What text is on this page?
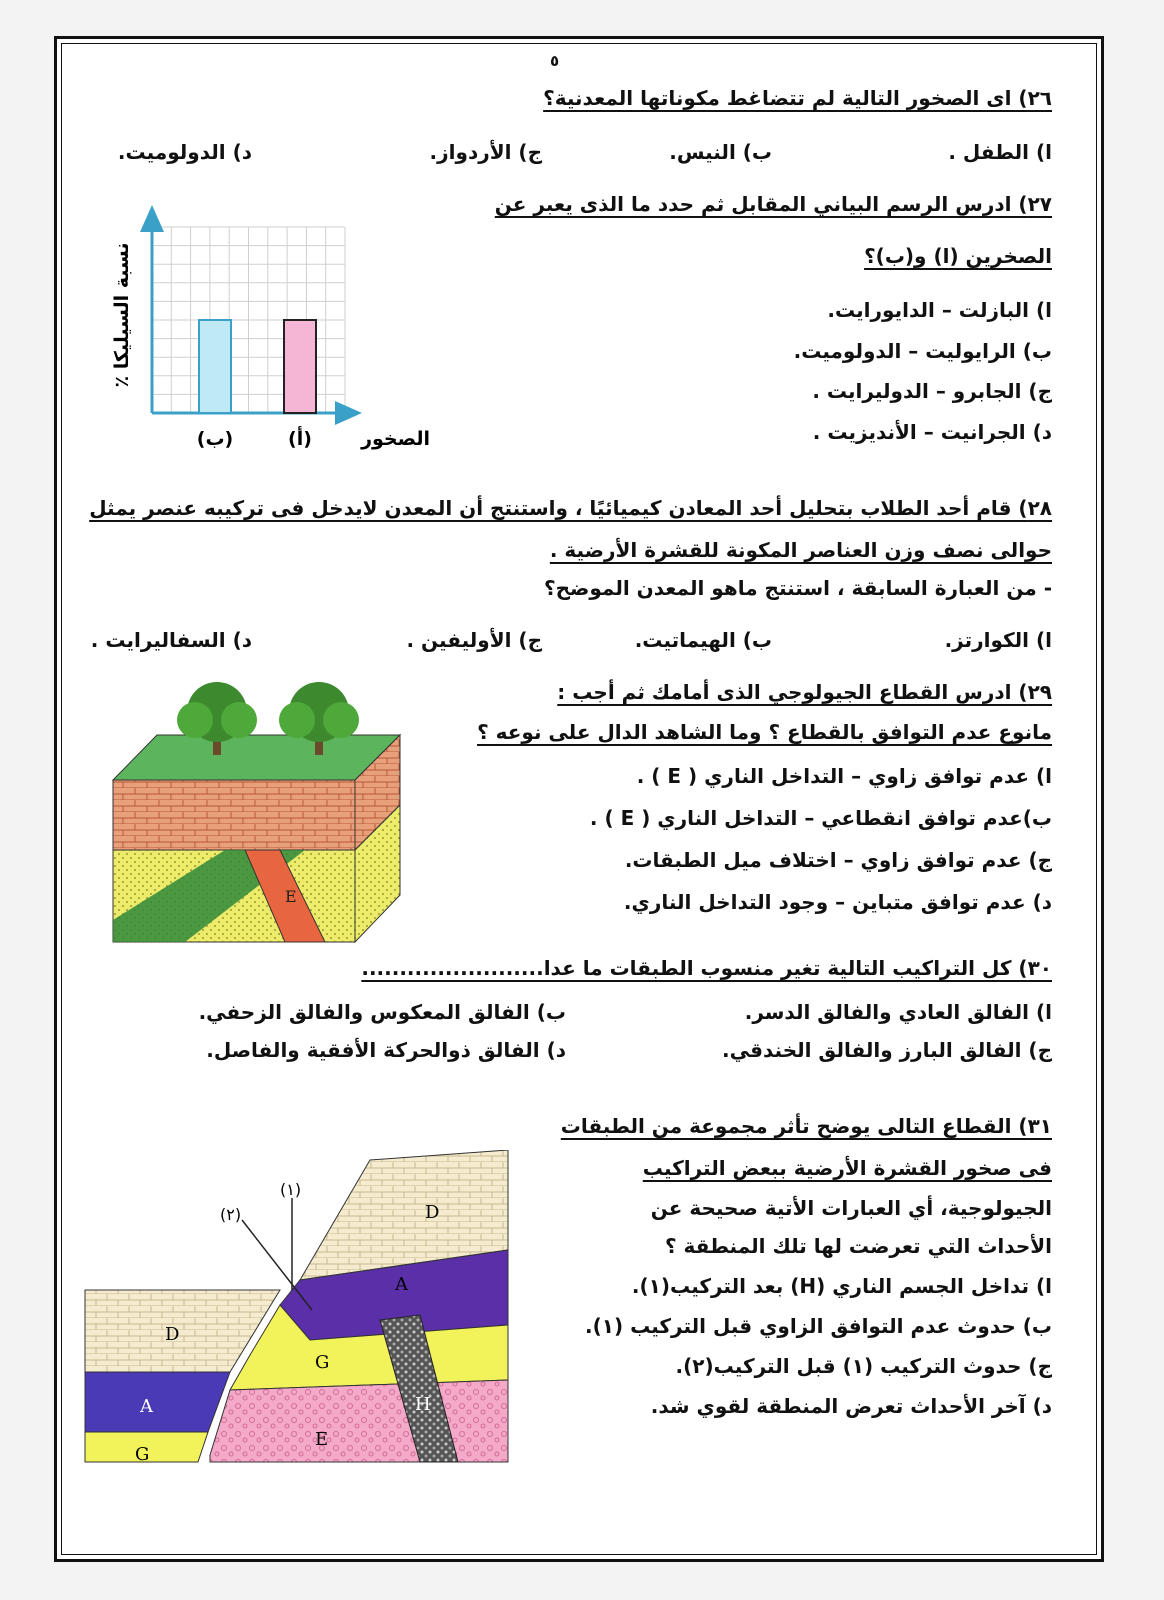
٥
٢٦) اى الصخور التالية لم تتضاغط مكوناتها المعدنية؟
ا) الطفل .
ب) النيس.
ج) الأردواز.
د) الدولوميت.
٢٧) ادرس الرسم البياني المقابل ثم حدد ما الذى يعبر عن
الصخرين (ا) و(ب)؟
ا) البازلت – الدايورايت.
ب) الرايوليت – الدولوميت.
ج) الجابرو – الدوليرايت .
د) الجرانيت – الأنديزيت .
(ب)	(أ)	الصخور
نسبة السيليكا ٪
٢٨) قام أحد الطلاب بتحليل أحد المعادن كيميائيًا ، واستنتج أن المعدن لايدخل فى تركيبه عنصر يمثل
حوالى نصف وزن العناصر المكونة للقشرة الأرضية .
- من العبارة السابقة ، استنتج ماهو المعدن الموضح؟
ا) الكوارتز.
ب) الهيماتيت.
ج) الأوليفين .
د) السفاليرايت .
٢٩) ادرس القطاع الجيولوجي الذى أمامك ثم أجب :
مانوع عدم التوافق بالقطاع ؟ وما الشاهد الدال على نوعه ؟
ا) عدم توافق زاوي – التداخل الناري ( E ) .
ب)عدم توافق انقطاعي – التداخل الناري ( E ) .
ج) عدم توافق زاوي – اختلاف ميل الطبقات.
د) عدم توافق متباين – وجود التداخل الناري.
E
٣٠) كل التراكيب التالية تغير منسوب الطبقات ما عدا........................
ا) الفالق العادي والفالق الدسر.
ب) الفالق المعكوس والفالق الزحفي.
ج) الفالق البارز والفالق الخندقي.
د) الفالق ذوالحركة الأفقية والفاصل.
٣١) القطاع التالى يوضح تأثر مجموعة من الطبقات
فى صخور القشرة الأرضية ببعض التراكيب
الجيولوجية، أي العبارات الأتية صحيحة عن
الأحداث التي تعرضت لها تلك المنطقة ؟
ا) تداخل الجسم الناري (H) بعد التركيب(١).
ب) حدوث عدم التوافق الزاوي قبل التركيب (١).
ج) حدوث التركيب (١) قبل التركيب(٢).
د) آخر الأحداث تعرض المنطقة لقوي شد.
D
A
G
H
E
D
A
G
(١)
(٢)
